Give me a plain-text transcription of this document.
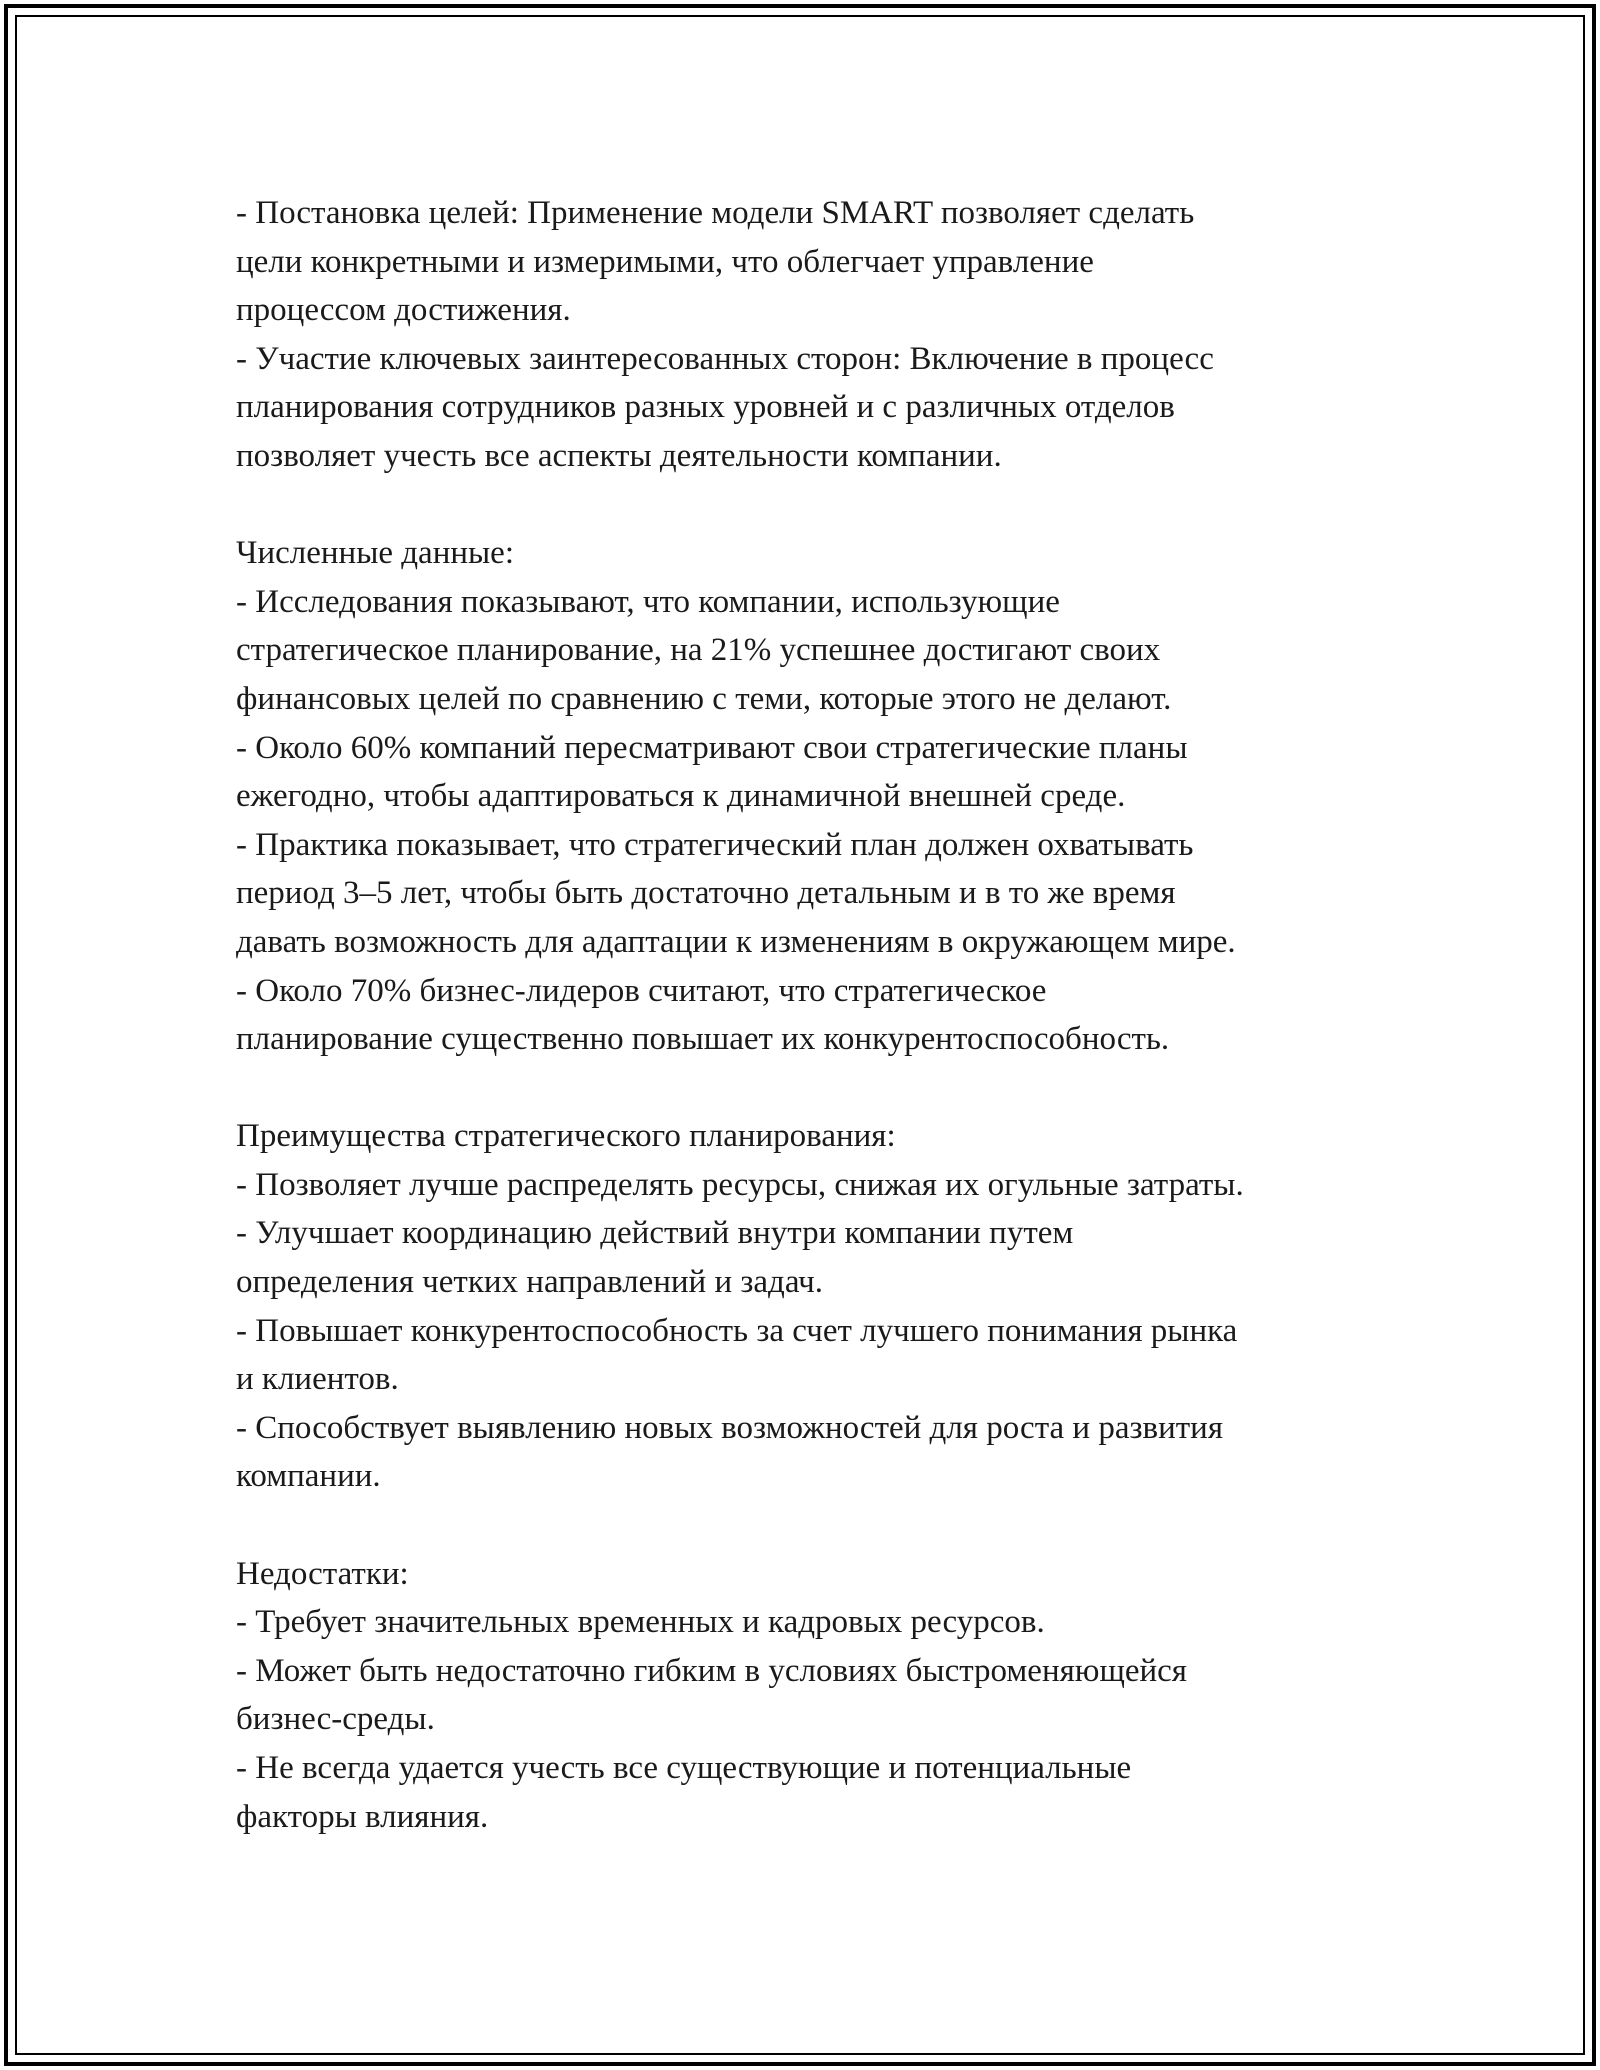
- Постановка целей: Применение модели SMART позволяет сделать
цели конкретными и измеримыми, что облегчает управление
процессом достижения.
- Участие ключевых заинтересованных сторон: Включение в процесс
планирования сотрудников разных уровней и с различных отделов
позволяет учесть все аспекты деятельности компании.
Численные данные:
- Исследования показывают, что компании, использующие
стратегическое планирование, на 21% успешнее достигают своих
финансовых целей по сравнению с теми, которые этого не делают.
- Около 60% компаний пересматривают свои стратегические планы
ежегодно, чтобы адаптироваться к динамичной внешней среде.
- Практика показывает, что стратегический план должен охватывать
период 3–5 лет, чтобы быть достаточно детальным и в то же время
давать возможность для адаптации к изменениям в окружающем мире.
- Около 70% бизнес-лидеров считают, что стратегическое
планирование существенно повышает их конкурентоспособность.
Преимущества стратегического планирования:
- Позволяет лучше распределять ресурсы, снижая их огульные затраты.
- Улучшает координацию действий внутри компании путем
определения четких направлений и задач.
- Повышает конкурентоспособность за счет лучшего понимания рынка
и клиентов.
- Способствует выявлению новых возможностей для роста и развития
компании.
Недостатки:
- Требует значительных временных и кадровых ресурсов.
- Может быть недостаточно гибким в условиях быстроменяющейся
бизнес-среды.
- Не всегда удается учесть все существующие и потенциальные
факторы влияния.
